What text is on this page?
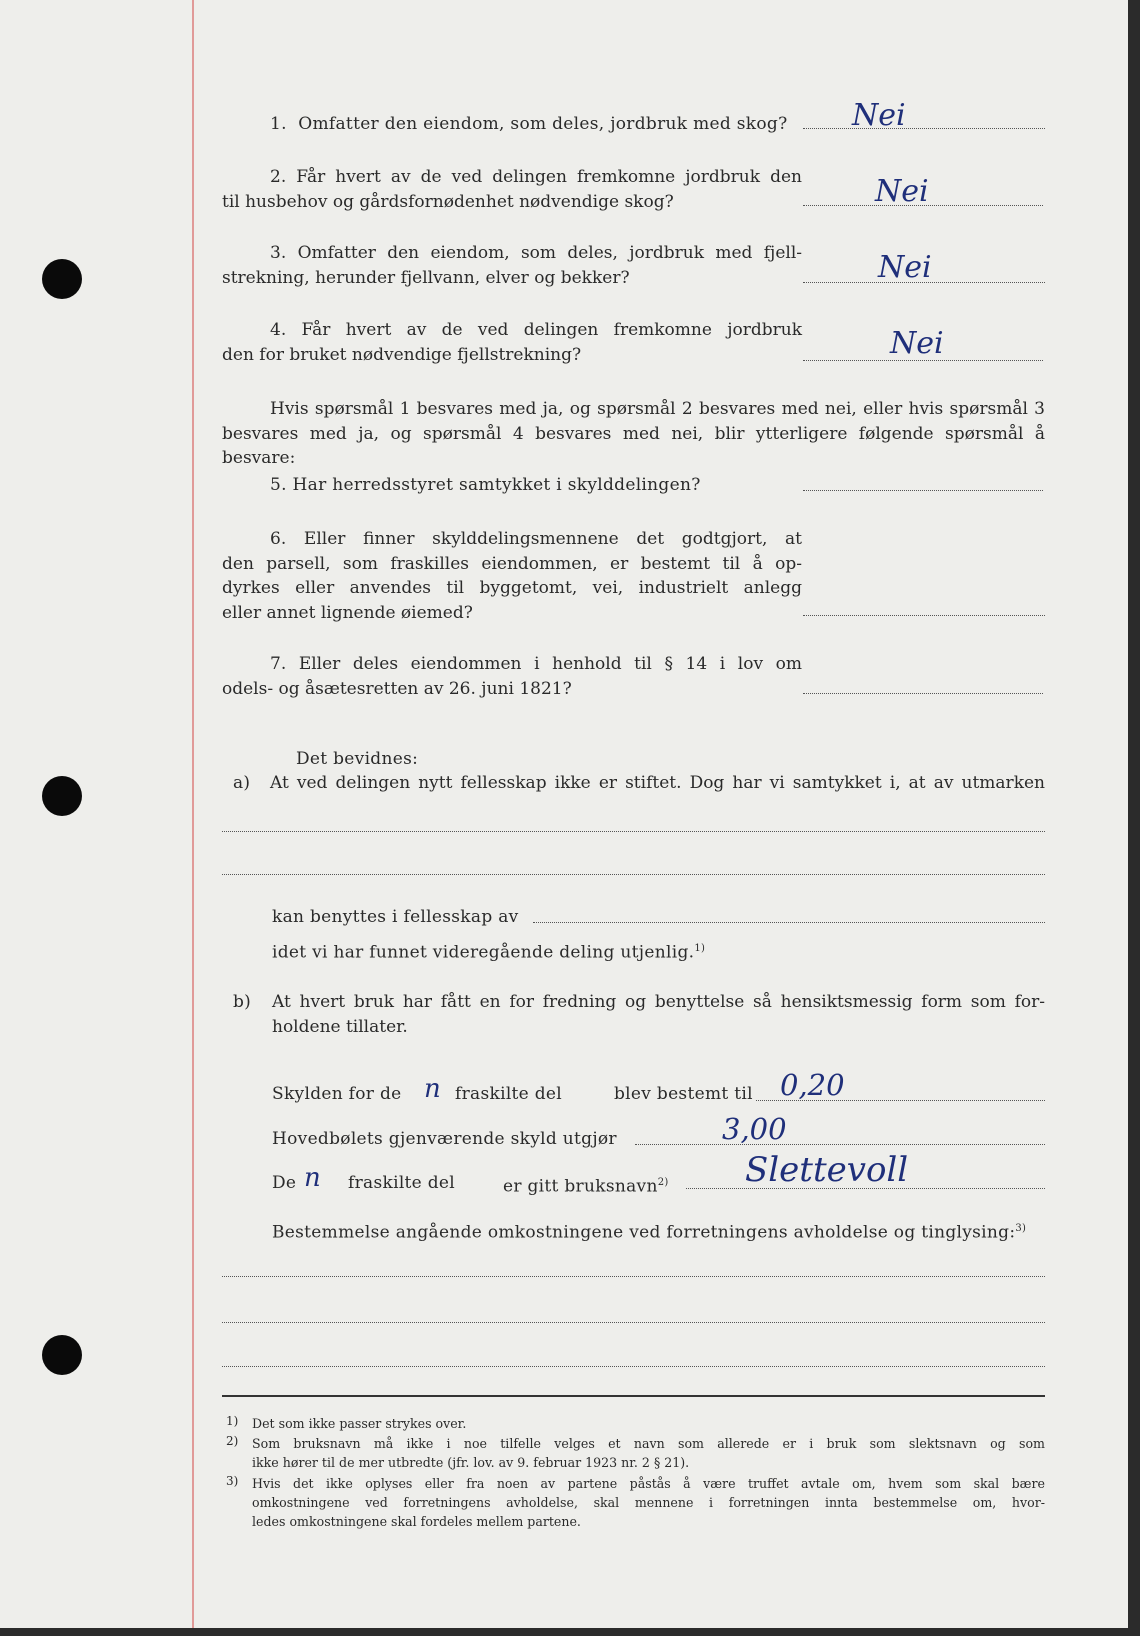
1. Omfatter den eiendom, som deles, jordbruk med skog? Nei
2. Får hvert av de ved delingen fremkomne jordbruk den
til husbehov og gårdsfornødenhet nødvendige skog?	Nei
3. Omfatter den eiendom, som deles, jordbruk med fjell-
strekning, herunder fjellvann, elver og bekker?	Nei
4. Får hvert av de ved delingen fremkomne jordbruk
den for bruket nødvendige fjellstrekning?	Nei
Hvis spørsmål 1 besvares med ja, og spørsmål 2 besvares med nei, eller hvis spørsmål 3
besvares med ja, og spørsmål 4 besvares med nei, blir ytterligere følgende spørsmål å besvare:
5. Har herredsstyret samtykket i skylddelingen?
6. Eller finner skylddelingsmennene det godtgjort, at
den parsell, som fraskilles eiendommen, er bestemt til å op-
dyrkes eller anvendes til byggetomt, vei, industrielt anlegg
eller annet lignende øiemed?
7. Eller deles eiendommen i henhold til § 14 i lov om
odels- og åsætesretten av 26. juni 1821?
Det bevidnes:
a) At ved delingen nytt fellesskap ikke er stiftet. Dog har vi samtykket i, at av utmarken
kan benyttes i fellesskap av
idet vi har funnet videregående deling utjenlig.$^{1)}$
b) At hvert bruk har fått en for fredning og benyttelse så hensiktsmessig form som for-
holdene tillater.
Skylden for de n fraskilte del	blev bestemt til 0,20
Hovedbølets gjenværende skyld utgjør	3,00
De n fraskilte del	er gitt bruksnavn$^{2)}$ Slettevoll
Bestemmelse angående omkostningene ved forretningens avholdelse og tinglysing:$^{3)}$
1) Det som ikke passer strykes over.
2) Som bruksnavn må ikke i noe tilfelle velges et navn som allerede er i bruk som slektsnavn og som
ikke hører til de mer utbredte (jfr. lov. av 9. februar 1923 nr. 2 § 21).
3) Hvis det ikke oplyses eller fra noen av partene påstås å være truffet avtale om, hvem som skal bære
omkostningene ved forretningens avholdelse, skal mennene i forretningen innta bestemmelse om, hvor-
ledes omkostningene skal fordeles mellem partene.
